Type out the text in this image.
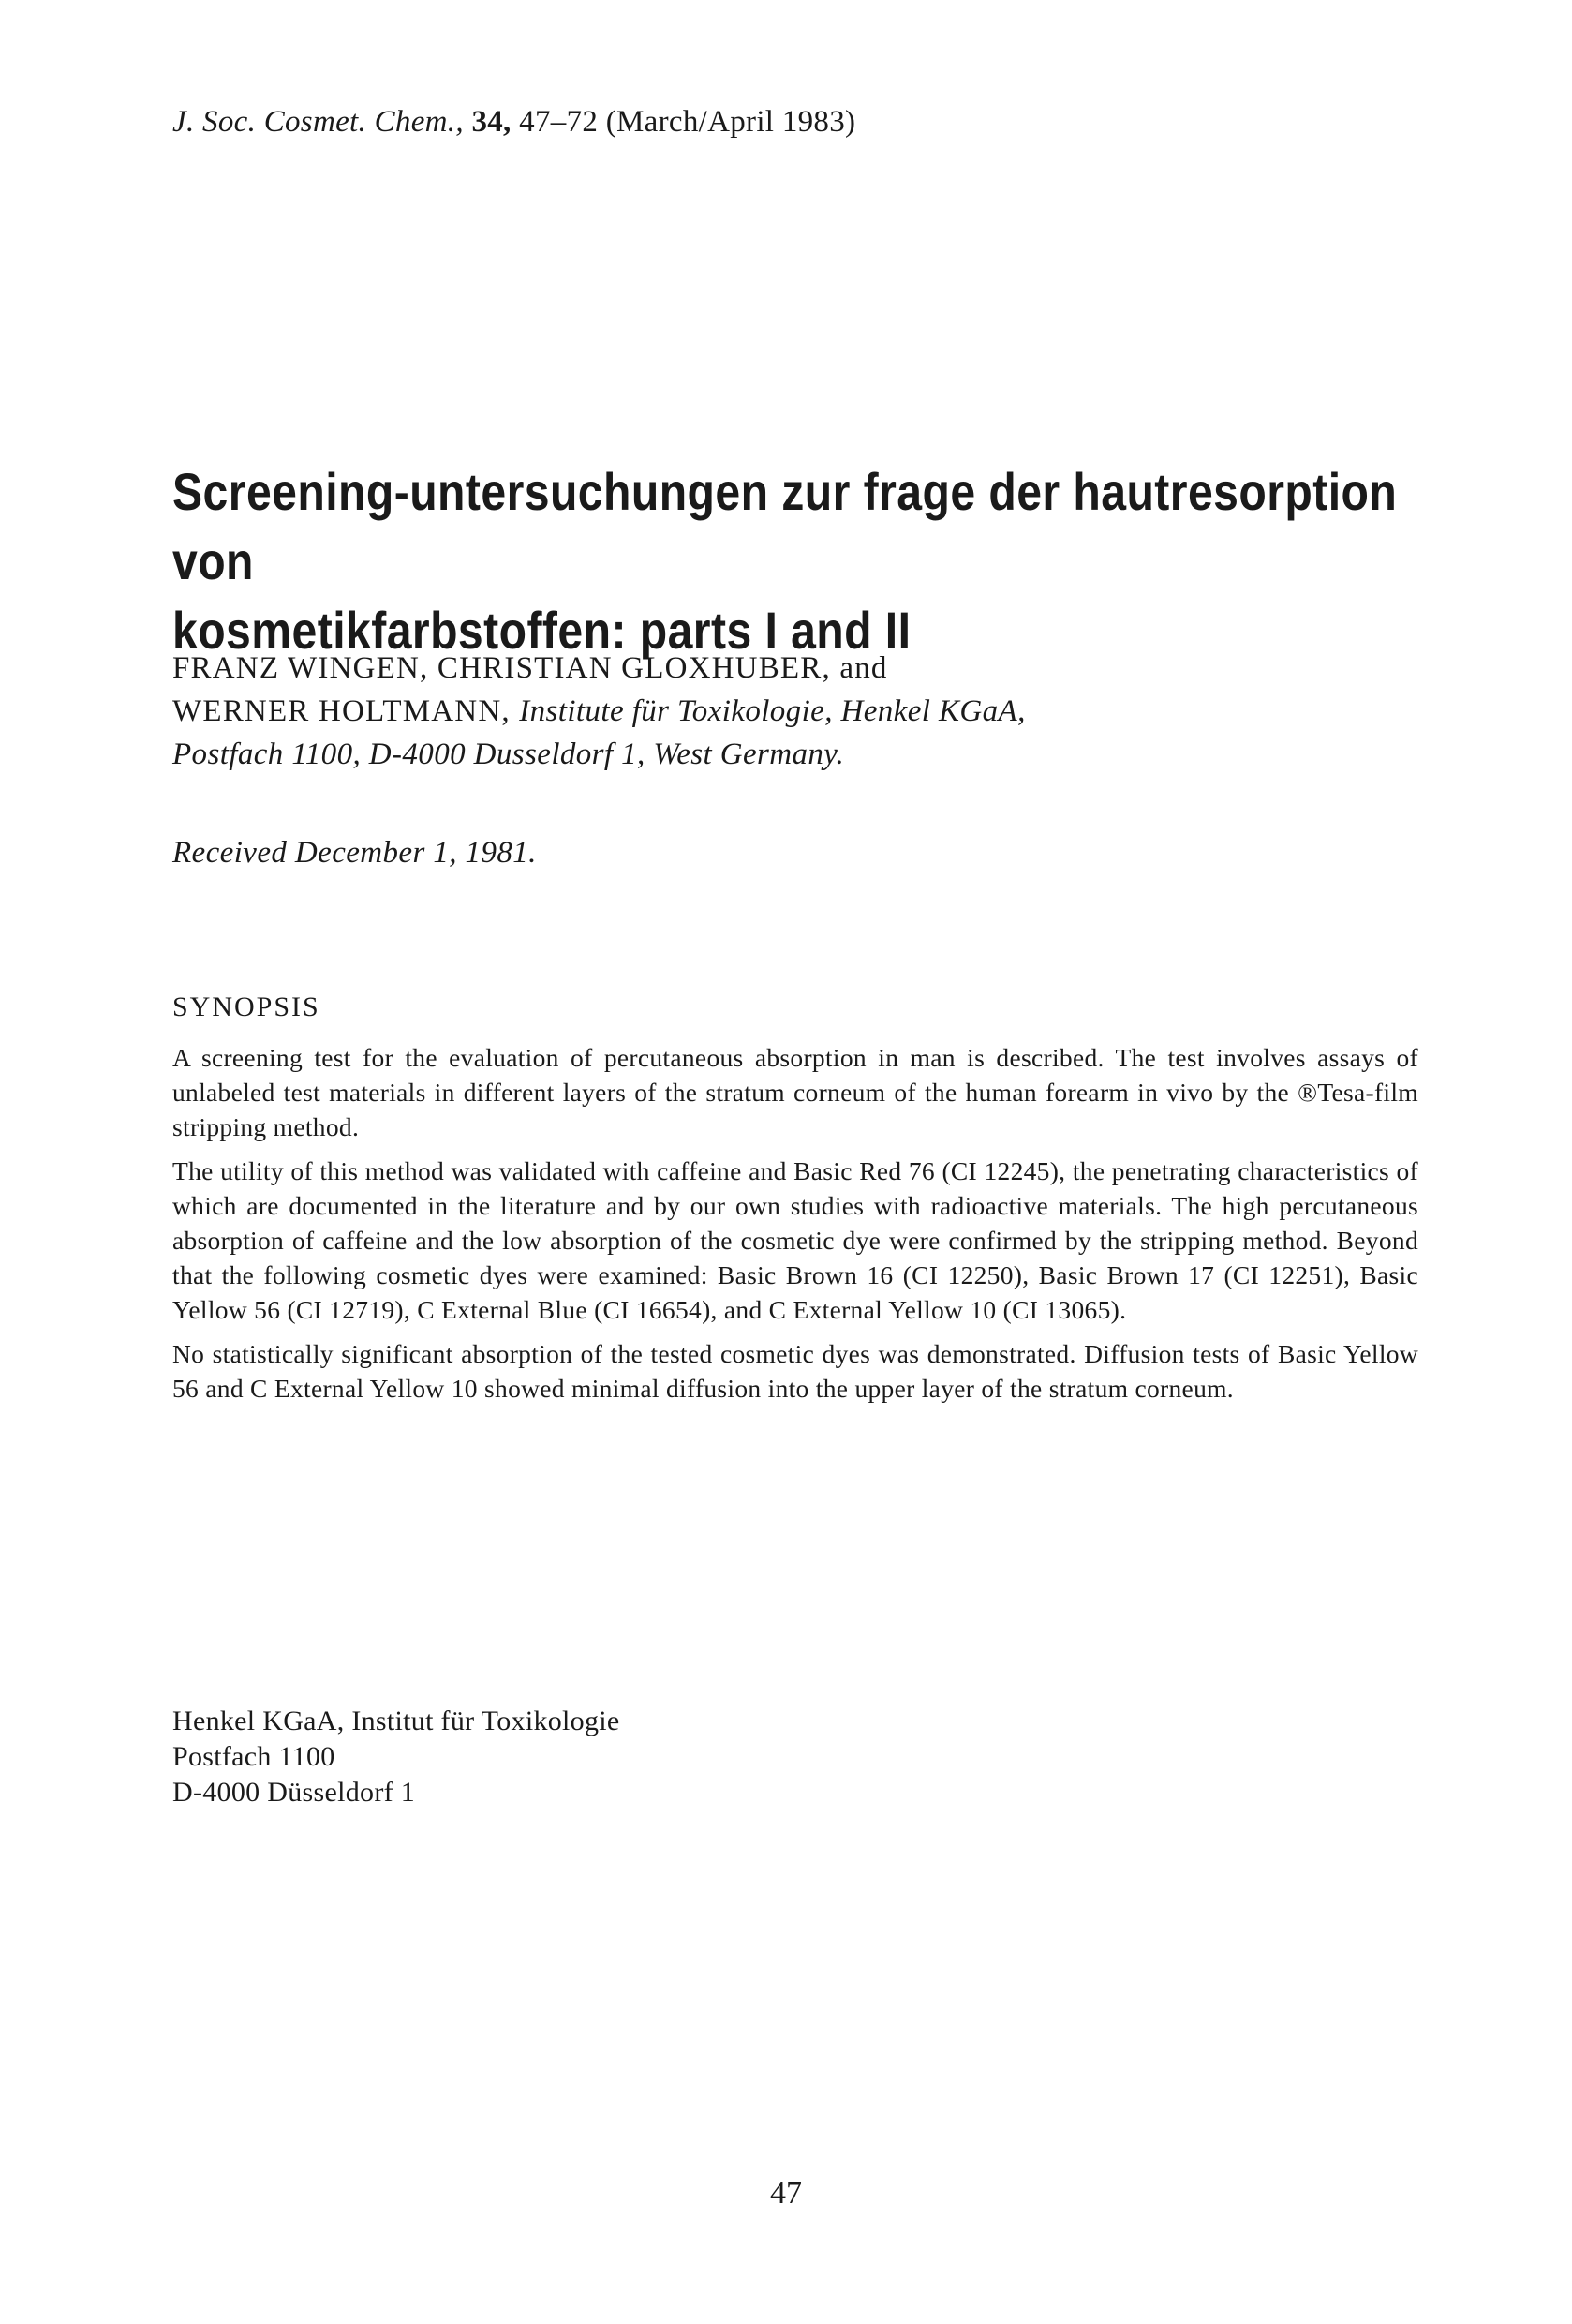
J. Soc. Cosmet. Chem., 34, 47–72 (March/April 1983)
Screening-untersuchungen zur frage der hautresorption von
kosmetikfarbstoffen: parts I and II
FRANZ WINGEN, CHRISTIAN GLOXHUBER, and
WERNER HOLTMANN, Institute für Toxikologie, Henkel KGaA,
Postfach 1100, D-4000 Dusseldorf 1, West Germany.
Received December 1, 1981.
SYNOPSIS

A screening test for the evaluation of percutaneous absorption in man is described. The test involves assays of unlabeled test materials in different layers of the stratum corneum of the human forearm in vivo by the ®Tesa-film stripping method.

The utility of this method was validated with caffeine and Basic Red 76 (CI 12245), the penetrating characteristics of which are documented in the literature and by our own studies with radioactive materials. The high percutaneous absorption of caffeine and the low absorption of the cosmetic dye were confirmed by the stripping method. Beyond that the following cosmetic dyes were examined: Basic Brown 16 (CI 12250), Basic Brown 17 (CI 12251), Basic Yellow 56 (CI 12719), C External Blue (CI 16654), and C External Yellow 10 (CI 13065).

No statistically significant absorption of the tested cosmetic dyes was demonstrated. Diffusion tests of Basic Yellow 56 and C External Yellow 10 showed minimal diffusion into the upper layer of the stratum corneum.

Henkel KGaA, Institut für Toxikologie
Postfach 1100
D-4000 Düsseldorf 1
47
